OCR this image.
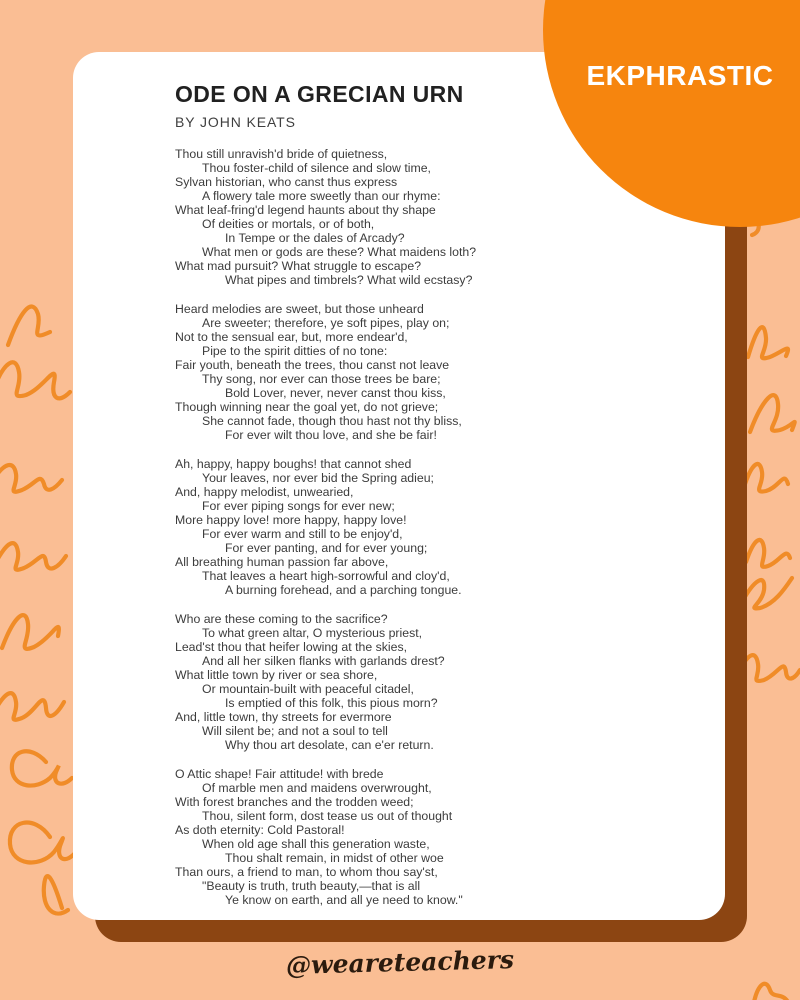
ODE ON A GRECIAN URN
BY JOHN KEATS
Thou still unravish'd bride of quietness,
Thou foster-child of silence and slow time,
Sylvan historian, who canst thus express
A flowery tale more sweetly than our rhyme:
What leaf-fring'd legend haunts about thy shape
Of deities or mortals, or of both,
In Tempe or the dales of Arcady?
What men or gods are these? What maidens loth?
What mad pursuit? What struggle to escape?
What pipes and timbrels? What wild ecstasy?
Heard melodies are sweet, but those unheard
Are sweeter; therefore, ye soft pipes, play on;
Not to the sensual ear, but, more endear'd,
Pipe to the spirit ditties of no tone:
Fair youth, beneath the trees, thou canst not leave
Thy song, nor ever can those trees be bare;
Bold Lover, never, never canst thou kiss,
Though winning near the goal yet, do not grieve;
She cannot fade, though thou hast not thy bliss,
For ever wilt thou love, and she be fair!
Ah, happy, happy boughs! that cannot shed
Your leaves, nor ever bid the Spring adieu;
And, happy melodist, unwearied,
For ever piping songs for ever new;
More happy love! more happy, happy love!
For ever warm and still to be enjoy'd,
For ever panting, and for ever young;
All breathing human passion far above,
That leaves a heart high-sorrowful and cloy'd,
A burning forehead, and a parching tongue.
Who are these coming to the sacrifice?
To what green altar, O mysterious priest,
Lead'st thou that heifer lowing at the skies,
And all her silken flanks with garlands drest?
What little town by river or sea shore,
Or mountain-built with peaceful citadel,
Is emptied of this folk, this pious morn?
And, little town, thy streets for evermore
Will silent be; and not a soul to tell
Why thou art desolate, can e'er return.
O Attic shape! Fair attitude! with brede
Of marble men and maidens overwrought,
With forest branches and the trodden weed;
Thou, silent form, dost tease us out of thought
As doth eternity: Cold Pastoral!
When old age shall this generation waste,
Thou shalt remain, in midst of other woe
Than ours, a friend to man, to whom thou say'st,
"Beauty is truth, truth beauty,—that is all
Ye know on earth, and all ye need to know."
EKPHRASTIC
@weareteachers
